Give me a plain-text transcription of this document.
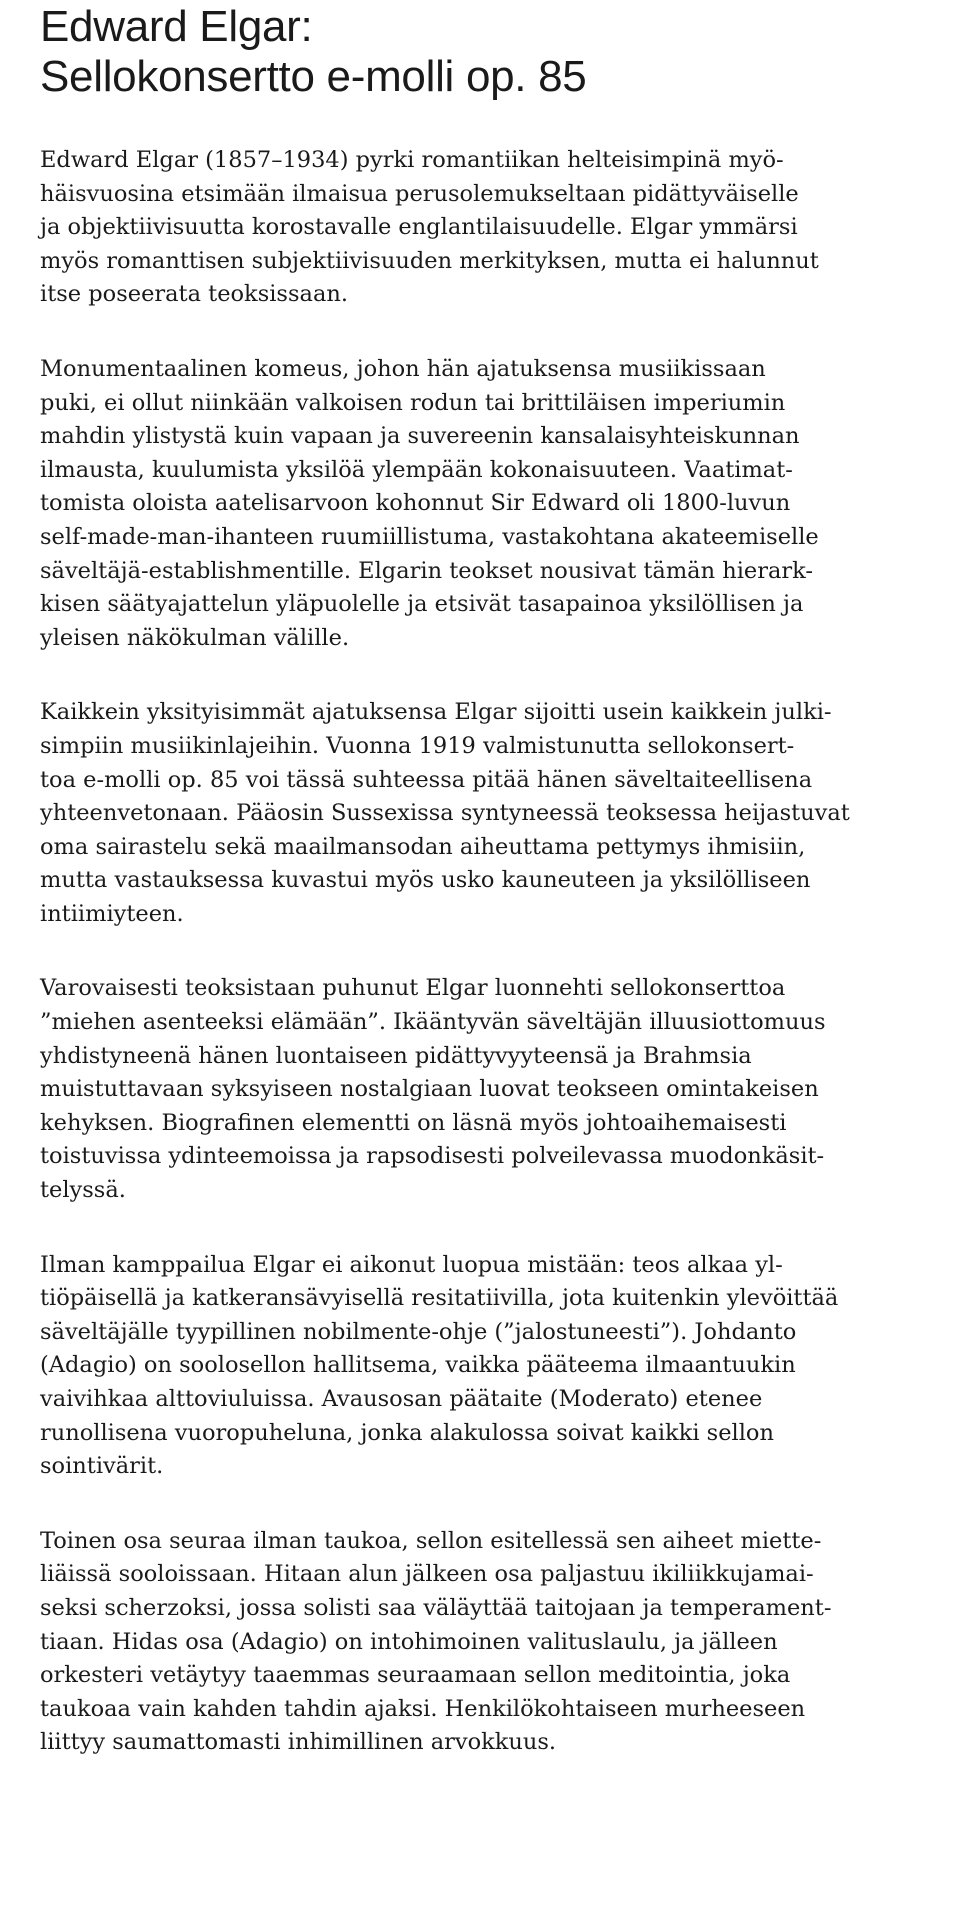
Edward Elgar:
Sellokonsertto e-molli op. 85

Edward Elgar (1857–1934) pyrki romantiikan helteisimpinä myö-
häisvuosina etsimään ilmaisua perusolemukseltaan pidättyväiselle
ja objektiivisuutta korostavalle englantilaisuudelle. Elgar ymmärsi
myös romanttisen subjektiivisuuden merkityksen, mutta ei halunnut
itse poseerata teoksissaan.

Monumentaalinen komeus, johon hän ajatuksensa musiikissaan
puki, ei ollut niinkään valkoisen rodun tai brittiläisen imperiumin
mahdin ylistystä kuin vapaan ja suvereenin kansalaisyhteiskunnan
ilmausta, kuulumista yksilöä ylempään kokonaisuuteen. Vaatimat-
tomista oloista aatelisarvoon kohonnut Sir Edward oli 1800-luvun
self-made-man-ihanteen ruumiillistuma, vastakohtana akateemiselle
säveltäjä-establishmentille. Elgarin teokset nousivat tämän hierark-
kisen säätyajattelun yläpuolelle ja etsivät tasapainoa yksilöllisen ja
yleisen näkökulman välille.

Kaikkein yksityisimmät ajatuksensa Elgar sijoitti usein kaikkein julki-
simpiin musiikinlajeihin. Vuonna 1919 valmistunutta sellokonsert-
toa e-molli op. 85 voi tässä suhteessa pitää hänen säveltaiteellisena
yhteenvetonaan. Pääosin Sussexissa syntyneessä teoksessa heijastuvat
oma sairastelu sekä maailmansodan aiheuttama pettymys ihmisiin,
mutta vastauksessa kuvastui myös usko kauneuteen ja yksilölliseen
intiimiyteen.

Varovaisesti teoksistaan puhunut Elgar luonnehti sellokonserttoa
”miehen asenteeksi elämään”. Ikääntyvän säveltäjän illuusiottomuus
yhdistyneenä hänen luontaiseen pidättyvyyteensä ja Brahmsia
muistuttavaan syksyiseen nostalgiaan luovat teokseen omintakeisen
kehyksen. Biografinen elementti on läsnä myös johtoaihemaisesti
toistuvissa ydinteemoissa ja rapsodisesti polveilevassa muodonkäsit-
telyssä.

Ilman kamppailua Elgar ei aikonut luopua mistään: teos alkaa yl-
tiöpäisellä ja katkeransävyisellä resitatiivilla, jota kuitenkin ylevöittää
säveltäjälle tyypillinen nobilmente-ohje (”jalostuneesti”). Johdanto
(Adagio) on soolosellon hallitsema, vaikka pääteema ilmaantuukin
vaivihkaa alttoviuluissa. Avausosan päätaite (Moderato) etenee
runollisena vuoropuheluna, jonka alakulossa soivat kaikki sellon
sointivärit.

Toinen osa seuraa ilman taukoa, sellon esitellessä sen aiheet miette-
liäissä sooloissaan. Hitaan alun jälkeen osa paljastuu ikiliikkujamai-
seksi scherzoksi, jossa solisti saa väläyttää taitojaan ja temperament-
tiaan. Hidas osa (Adagio) on intohimoinen valituslaulu, ja jälleen
orkesteri vetäytyy taaemmas seuraamaan sellon meditointia, joka
taukoaa vain kahden tahdin ajaksi. Henkilökohtaiseen murheeseen
liittyy saumattomasti inhimillinen arvokkuus.
